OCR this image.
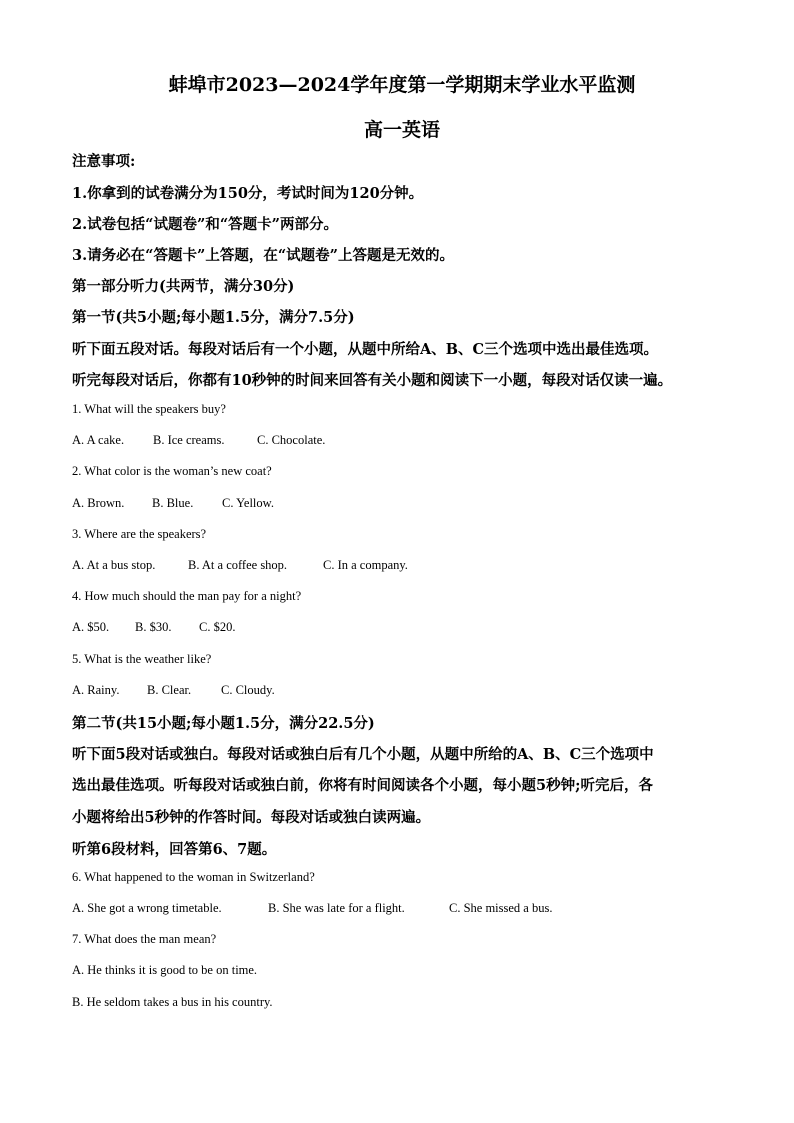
蚌埠市2023—2024学年度第一学期期末学业水平监测
高一英语
注意事项:
1.你拿到的试卷满分为150分，考试时间为120分钟。
2.试卷包括“试题卷”和“答题卡”两部分。
3.请务必在“答题卡”上答题，在“试题卷”上答题是无效的。
第一部分听力(共两节，满分30分)
第一节(共5小题;每小题1.5分，满分7.5分)
听下面五段对话。每段对话后有一个小题，从题中所给A、B、C三个选项中选出最佳选项。
听完每段对话后，你都有10秒钟的时间来回答有关小题和阅读下一小题，每段对话仅读一遍。
1. What will the speakers buy?
A. A cake. B. Ice creams.	C. Chocolate.
2. What color is the woman’s new coat?
A. Brown. B. Blue. C. Yellow.
3. Where are the speakers?
A. At a bus stop.	B. At a coffee shop.	C. In a company.
4. How much should the man pay for a night?
A. $50. B. $30. C. $20.
5. What is the weather like?
A. Rainy. B. Clear. C. Cloudy.
第二节(共15小题;每小题1.5分，满分22.5分)
听下面5段对话或独白。每段对话或独白后有几个小题，从题中所给的A、B、C三个选项中
选出最佳选项。听每段对话或独白前，你将有时间阅读各个小题，每小题5秒钟;听完后，各
小题将给出5秒钟的作答时间。每段对话或独白读两遍。
听第6段材料，回答第6、7题。
6. What happened to the woman in Switzerland?
A. She got a wrong timetable.	B. She was late for a flight.	C. She missed a bus.
7. What does the man mean?
A. He thinks it is good to be on time.
B. He seldom takes a bus in his country.
